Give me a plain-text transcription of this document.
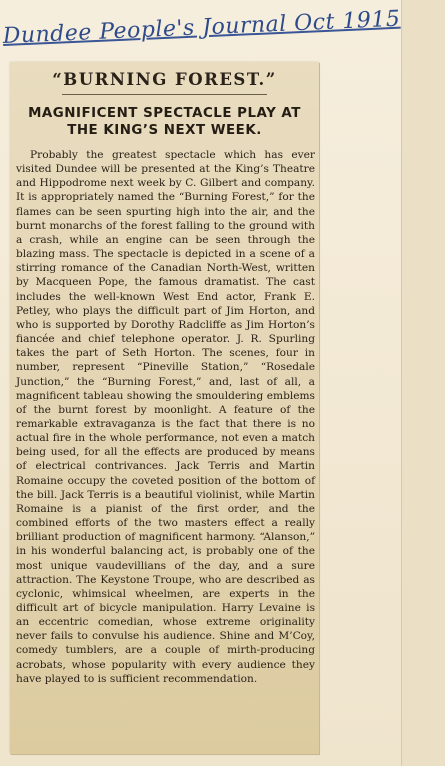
Dundee People's Journal Oct 1915
“BURNING FOREST.”
MAGNIFICENT SPECTACLE PLAY AT THE KING’S NEXT WEEK.
Probably the greatest spectacle which has ever visited Dundee will be presented at the King’s Theatre and Hippodrome next week by C. Gilbert and company. It is appropriately named the “Burning Forest,” for the flames can be seen spurting high into the air, and the burnt monarchs of the forest falling to the ground with a crash, while an engine can be seen through the blazing mass. The spectacle is depicted in a scene of a stirring romance of the Canadian North-West, written by Macqueen Pope, the famous dramatist. The cast includes the well-known West End actor, Frank E. Petley, who plays the difficult part of Jim Horton, and who is supported by Dorothy Radcliffe as Jim Horton’s fiancée and chief telephone operator. J. R. Spurling takes the part of Seth Horton. The scenes, four in number, represent “Pineville Station,” “Rosedale Junction,” the “Burning Forest,” and, last of all, a magnificent tableau showing the smouldering emblems of the burnt forest by moonlight. A feature of the remarkable extravaganza is the fact that there is no actual fire in the whole performance, not even a match being used, for all the effects are produced by means of electrical contrivances. Jack Terris and Martin Romaine occupy the coveted position of the bottom of the bill. Jack Terris is a beautiful violinist, while Martin Romaine is a pianist of the first order, and the combined efforts of the two masters effect a really brilliant production of magnificent harmony. “Alanson,” in his wonderful balancing act, is probably one of the most unique vaudevillians of the day, and a sure attraction. The Keystone Troupe, who are described as cyclonic, whimsical wheelmen, are experts in the difficult art of bicycle manipulation. Harry Levaine is an eccentric comedian, whose extreme originality never fails to convulse his audience. Shine and M’Coy, comedy tumblers, are a couple of mirth-producing acrobats, whose popularity with every audience they have played to is sufficient recommendation.
